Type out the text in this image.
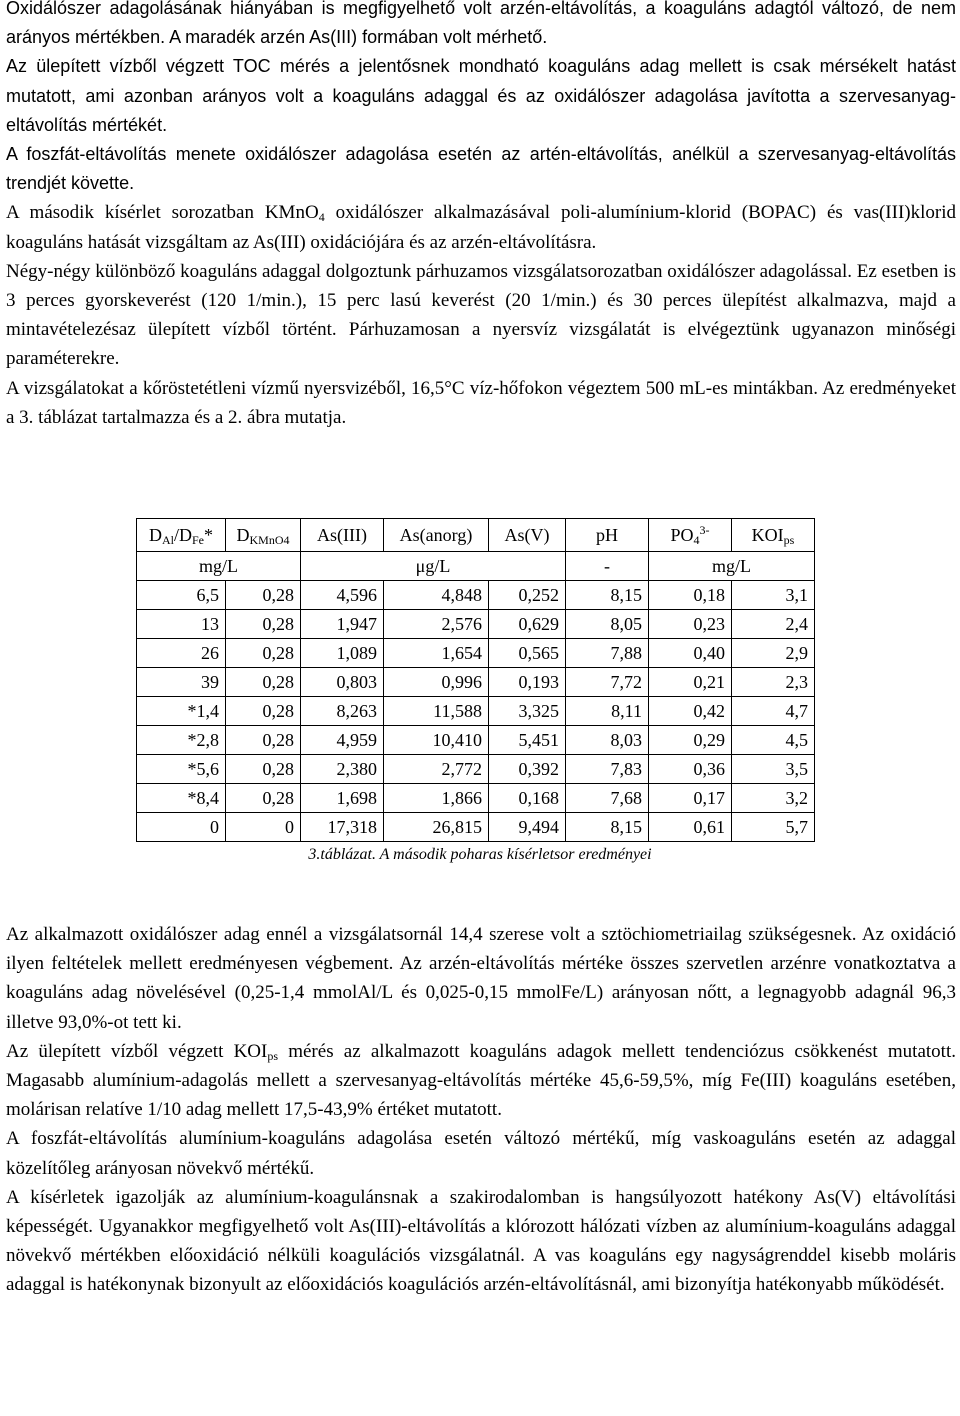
Oxidálószer adagolásának hiányában is megfigyelhető volt arzén-eltávolítás, a koaguláns adagtól változó, de nem arányos mértékben. A maradék arzén As(III) formában volt mérhető.

Az ülepített vízből végzett TOC mérés a jelentősnek mondható koaguláns adag mellett is csak mérsékelt hatást mutatott, ami azonban arányos volt a koaguláns adaggal és az oxidálószer adagolása javította a szervesanyag-eltávolítás mértékét.

A foszfát-eltávolítás menete oxidálószer adagolása esetén az artén-eltávolítás, anélkül a szervesanyag-eltávolítás trendjét követte.

A második kísérlet sorozatban KMnO$_4$ oxidálószer alkalmazásával poli-alumínium-klorid (BOPAC) és vas(III)klorid koaguláns hatását vizsgáltam az As(III) oxidációjára és az arzén-eltávolításra.

Négy-négy különböző koaguláns adaggal dolgoztunk párhuzamos vizsgálatsorozatban oxidálószer adagolással. Ez esetben is 3 perces gyorskeverést (120 1/min.), 15 perc lasú keverést (20 1/min.) és 30 perces ülepítést alkalmazva, majd a mintavételezésaz ülepített vízből történt. Párhuzamosan a nyersvíz vizsgálatát is elvégeztünk ugyanazon minőségi paraméterekre.

A vizsgálatokat a kőröstetétleni vízmű nyersvizéből, 16,5°C víz-hőfokon végeztem 500 mL-es mintákban. Az eredményeket a 3. táblázat tartalmazza és a 2. ábra mutatja.

$D_{Al}/D_{Fe}*$	$D_{KMnO4}$	As(III)	As(anorg)	As(V)	pH	$PO_4^{3-}$	$KOI_{ps}$
mg/L		μg/L			-	mg/L	
6,5	0,28	4,596	4,848	0,252	8,15	0,18	3,1
13	0,28	1,947	2,576	0,629	8,05	0,23	2,4
26	0,28	1,089	1,654	0,565	7,88	0,40	2,9
39	0,28	0,803	0,996	0,193	7,72	0,21	2,3
*1,4	0,28	8,263	11,588	3,325	8,11	0,42	4,7
*2,8	0,28	4,959	10,410	5,451	8,03	0,29	4,5
*5,6	0,28	2,380	2,772	0,392	7,83	0,36	3,5
*8,4	0,28	1,698	1,866	0,168	7,68	0,17	3,2
0	0	17,318	26,815	9,494	8,15	0,61	5,7
3.táblázat. A második poharas kísérletsor eredményei

Az alkalmazott oxidálószer adag ennél a vizsgálatsornál 14,4 szerese volt a sztöchiometriailag szükségesnek. Az oxidáció ilyen feltételek mellett eredményesen végbement. Az arzén-eltávolítás mértéke összes szervetlen arzénre vonatkoztatva a koaguláns adag növelésével (0,25-1,4 mmolAl/L és 0,025-0,15 mmolFe/L) arányosan nőtt, a legnagyobb adagnál 96,3 illetve 93,0%-ot tett ki.

Az ülepített vízből végzett $KOI_{ps}$ mérés az alkalmazott koaguláns adagok mellett tendenciózus csökkenést mutatott. Magasabb alumínium-adagolás mellett a szervesanyag-eltávolítás mértéke 45,6-59,5%, míg Fe(III) koaguláns esetében, molárisan relatíve 1/10 adag mellett 17,5-43,9% értéket mutatott.

A foszfát-eltávolítás alumínium-koaguláns adagolása esetén változó mértékű, míg vaskoaguláns esetén az adaggal közelítőleg arányosan növekvő mértékű.

A kísérletek igazolják az alumínium-koagulánsnak a szakirodalomban is hangsúlyozott hatékony As(V) eltávolítási képességét. Ugyanakkor megfigyelhető volt As(III)-eltávolítás a klórozott hálózati vízben az alumínium-koaguláns adaggal növekvő mértékben előoxidáció nélküli koagulációs vizsgálatnál. A vas koaguláns egy nagyságrenddel kisebb moláris adaggal is hatékonynak bizonyult az előoxidációs koagulációs arzén-eltávolításnál, ami bizonyítja hatékonyabb működését.
